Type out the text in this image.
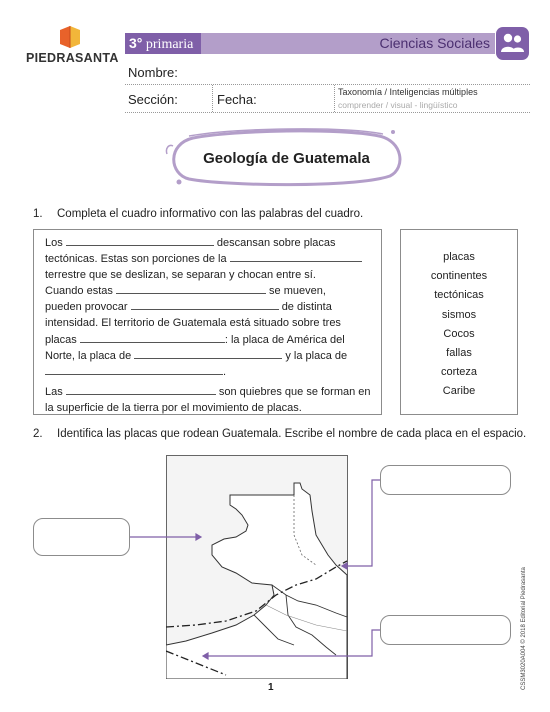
PIEDRASANTA
3° primaria	Ciencias Sociales
Nombre:
Sección:	Fecha:	Taxonomía / Inteligencias múltiples
comprender / visual - lingüístico
Geología de Guatemala
1. Completa el cuadro informativo con las palabras del cuadro.
Los	descansan sobre placas
tectónicas. Estas son porciones de la
terrestre que se deslizan, se separan y chocan entre sí.
Cuando estas	se mueven,
pueden provocar	de distinta
intensidad. El territorio de Guatemala está situado sobre tres
placas	: la placa de América del
Norte, la placa de	y la placa de
.
Las	son quiebres que se forman en
la superficie de la tierra por el movimiento de placas.
placas
continentes
tectónicas
sismos
Cocos
fallas
corteza
Caribe
2. Identifica las placas que rodean Guatemala. Escribe el nombre de cada placa en el espacio.
1	CSSM3020A004 © 2018 Editorial Piedrasanta
